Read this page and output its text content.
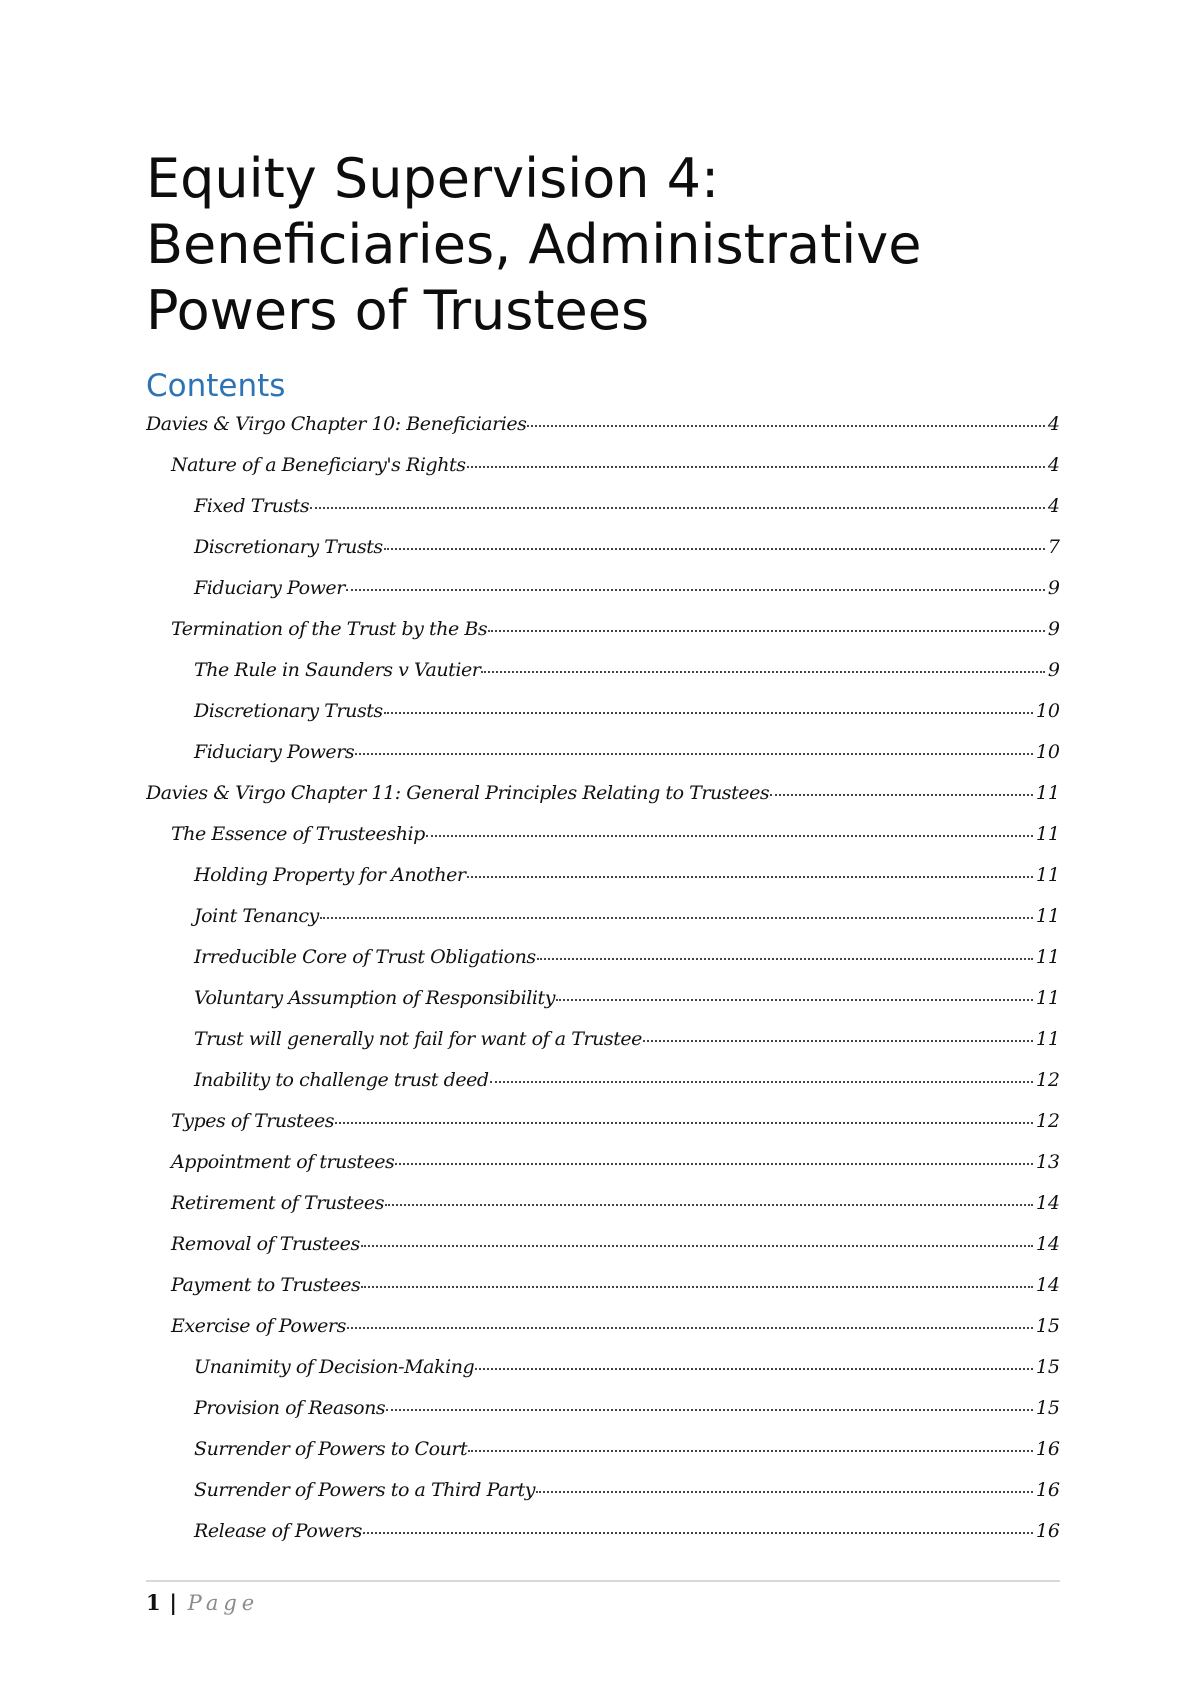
Equity Supervision 4:
Beneficiaries, Administrative
Powers of Trustees
Contents
Davies & Virgo Chapter 10: Beneficiaries	4
Nature of a Beneficiary's Rights	4
Fixed Trusts	4
Discretionary Trusts	7
Fiduciary Power	9
Termination of the Trust by the Bs	9
The Rule in Saunders v Vautier	9
Discretionary Trusts	10
Fiduciary Powers	10
Davies & Virgo Chapter 11: General Principles Relating to Trustees	11
The Essence of Trusteeship	11
Holding Property for Another	11
Joint Tenancy	11
Irreducible Core of Trust Obligations	11
Voluntary Assumption of Responsibility	11
Trust will generally not fail for want of a Trustee	11
Inability to challenge trust deed	12
Types of Trustees	12
Appointment of trustees	13
Retirement of Trustees	14
Removal of Trustees	14
Payment to Trustees	14
Exercise of Powers	15
Unanimity of Decision-Making	15
Provision of Reasons	15
Surrender of Powers to Court	16
Surrender of Powers to a Third Party	16
Release of Powers	16
1 | Page
